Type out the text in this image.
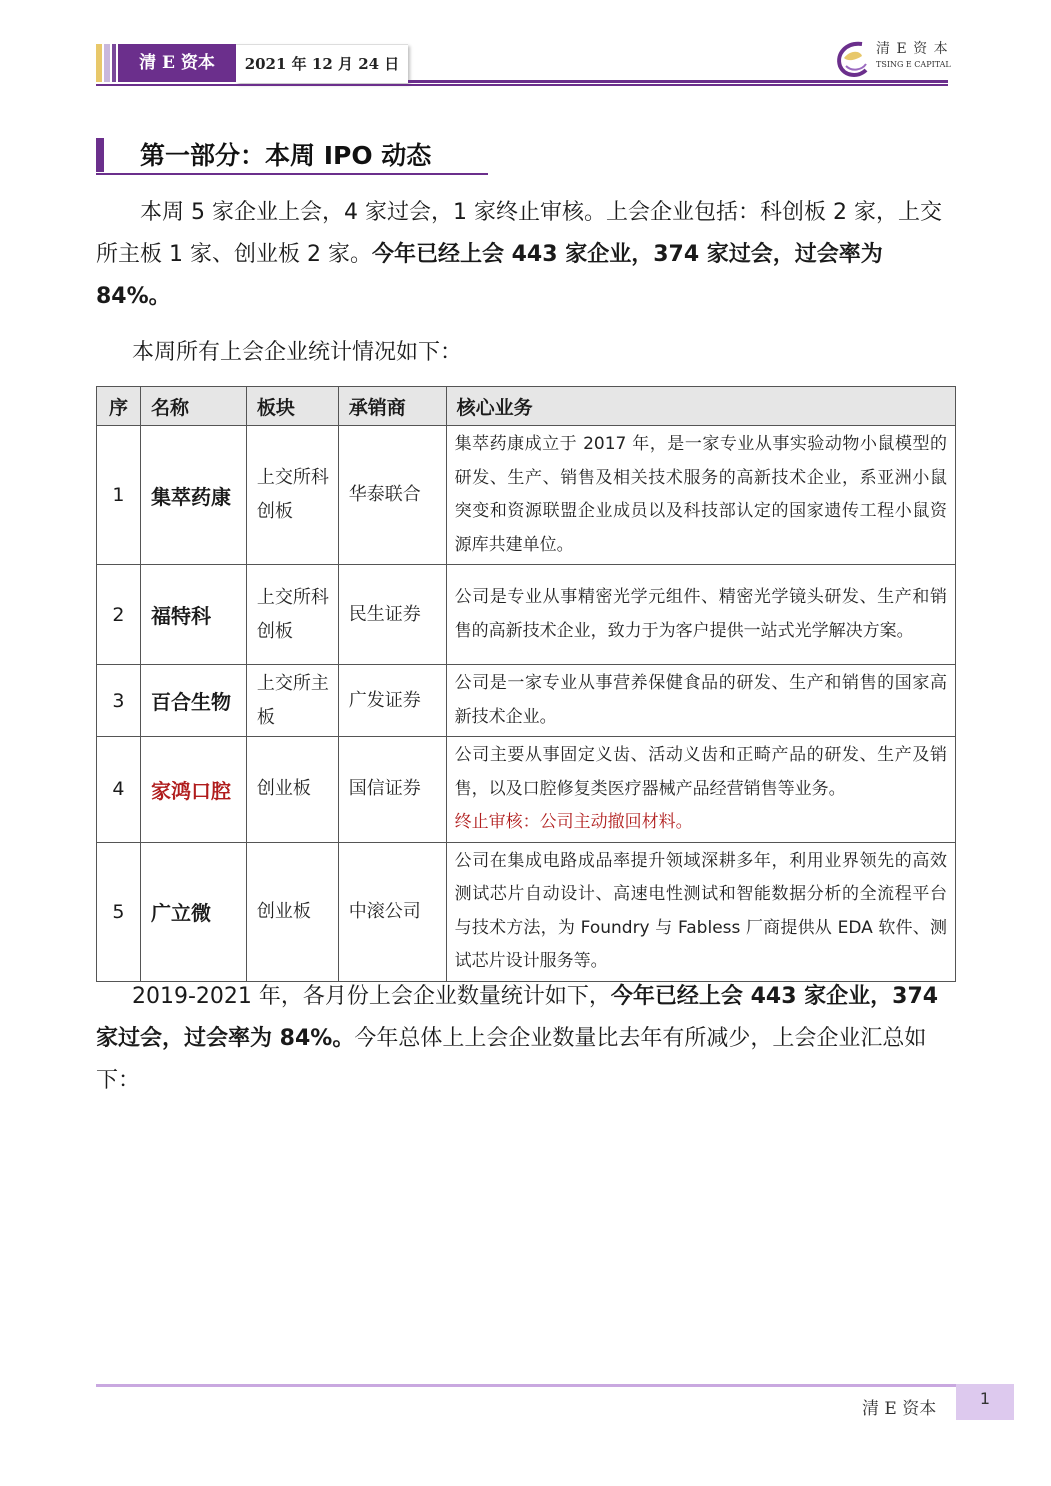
清 E 资本	2021 年 12 月 24 日
清 E 资 本
TSING E CAPITAL
第一部分：本周 IPO 动态
本周 5 家企业上会，4 家过会，1 家终止审核。上会企业包括：科创板 2 家，上交所主板 1 家、创业板 2 家。今年已经上会 443 家企业，374 家过会，过会率为 84%。
本周所有上会企业统计情况如下：
序	名称	板块	承销商	核心业务
1	集萃药康	上交所科创板	华泰联合	集萃药康成立于 2017 年，是一家专业从事实验动物小鼠模型的研发、生产、销售及相关技术服务的高新技术企业，系亚洲小鼠突变和资源联盟企业成员以及科技部认定的国家遗传工程小鼠资源库共建单位。
2	福特科	上交所科创板	民生证券	公司是专业从事精密光学元组件、精密光学镜头研发、生产和销售的高新技术企业，致力于为客户提供一站式光学解决方案。
3	百合生物	上交所主板	广发证券	公司是一家专业从事营养保健食品的研发、生产和销售的国家高新技术企业。
4	家鸿口腔	创业板	国信证券	公司主要从事固定义齿、活动义齿和正畸产品的研发、生产及销售，以及口腔修复类医疗器械产品经营销售等业务。
终止审核：公司主动撤回材料。
5	广立微	创业板	中滚公司	公司在集成电路成品率提升领域深耕多年，利用业界领先的高效测试芯片自动设计、高速电性测试和智能数据分析的全流程平台与技术方法，为 Foundry 与 Fabless 厂商提供从 EDA 软件、测试芯片设计服务等。
2019-2021 年，各月份上会企业数量统计如下，今年已经上会 443 家企业，374 家过会，过会率为 84%。今年总体上上会企业数量比去年有所减少，上会企业汇总如下：
清 E 资本
1
